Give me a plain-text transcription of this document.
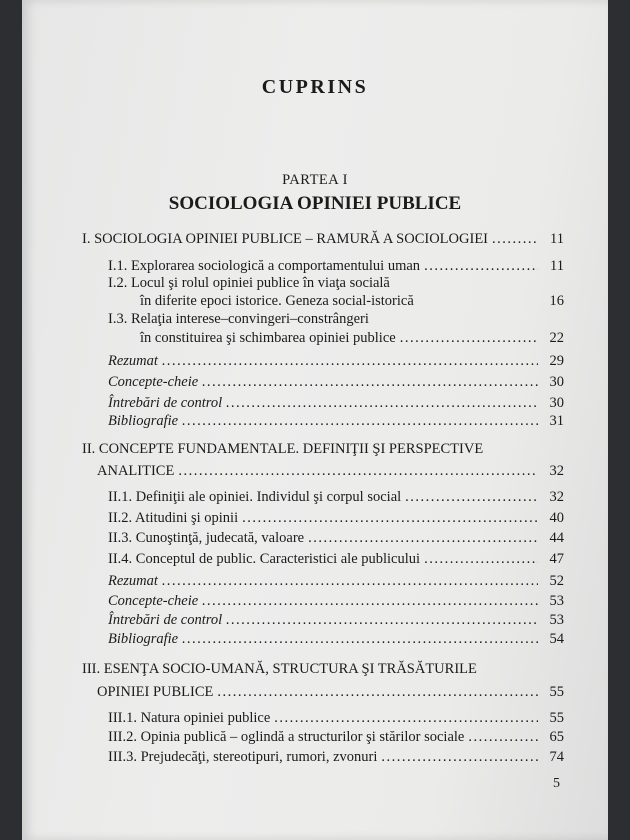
CUPRINS
PARTEA I
SOCIOLOGIA OPINIEI PUBLICE
I. SOCIOLOGIA OPINIEI PUBLICE – RAMURĂ A SOCIOLOGIEI .....	11
I.1. Explorarea sociologică a comportamentului uman .....	11
I.2. Locul şi rolul opiniei publice în viaţa socială
în diferite epoci istorice. Geneza social-istorică	16
I.3. Relaţia interese–convingeri–constrângeri
în constituirea şi schimbarea opiniei publice .....	22
Rezumat .....	29
Concepte-cheie .....	30
Întrebări de control .....	30
Bibliografie .....	31
II. CONCEPTE FUNDAMENTALE. DEFINIŢII ŞI PERSPECTIVE
ANALITICE .....	32
II.1. Definiţii ale opiniei. Individul şi corpul social .....	32
II.2. Atitudini şi opinii .....	40
II.3. Cunoştinţă, judecată, valoare .....	44
II.4. Conceptul de public. Caracteristici ale publicului .....	47
Rezumat .....	52
Concepte-cheie .....	53
Întrebări de control .....	53
Bibliografie .....	54
III. ESENŢA SOCIO-UMANĂ, STRUCTURA ŞI TRĂSĂTURILE
OPINIEI PUBLICE .....	55
III.1. Natura opiniei publice .....	55
III.2. Opinia publică – oglindă a structurilor şi stărilor sociale .....	65
III.3. Prejudecăţi, stereotipuri, rumori, zvonuri .....	74
5
